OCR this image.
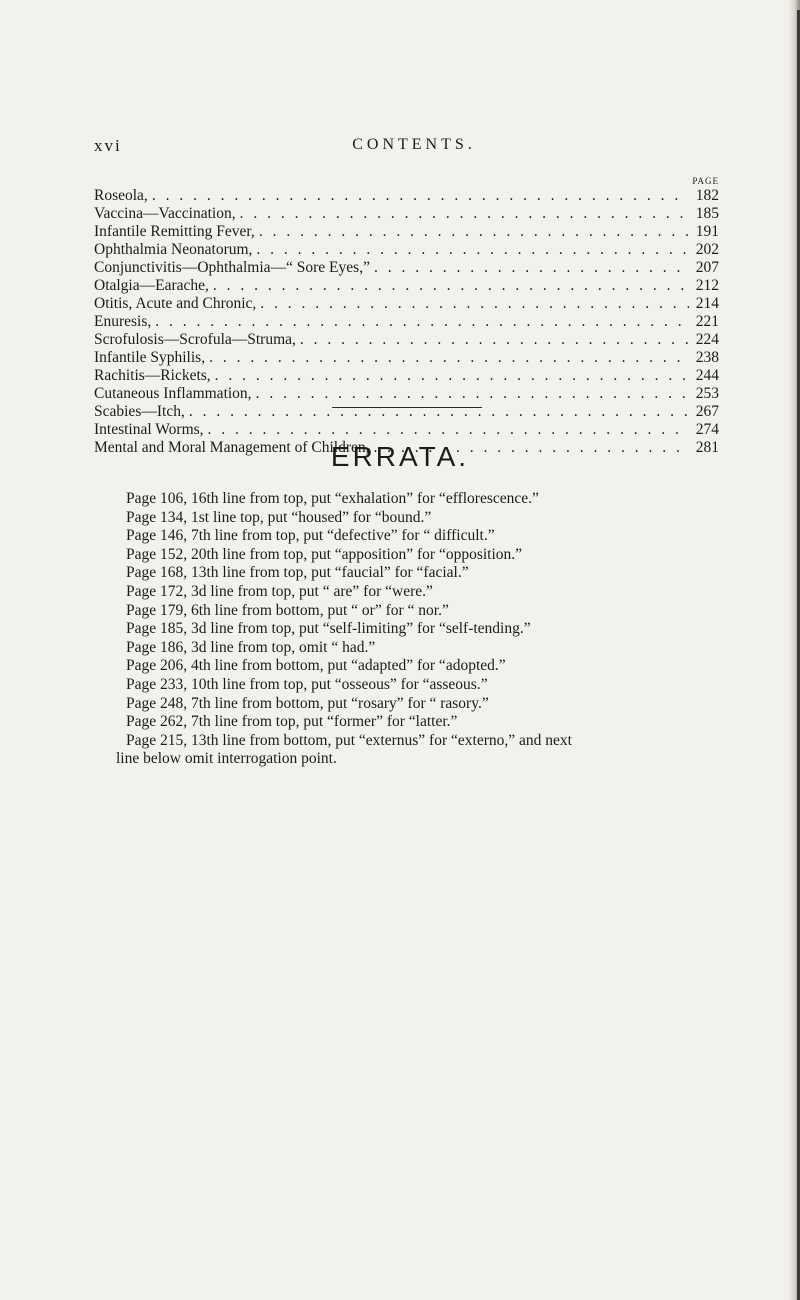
xvi	CONTENTS.
PAGE
Roseola, . . .	182
Vaccina—Vaccination, . . .	185
Infantile Remitting Fever, . . .	191
Ophthalmia Neonatorum, . . .	202
Conjunctivitis—Ophthalmia—“ Sore Eyes,” . . .	207
Otalgia—Earache, . . .	212
Otitis, Acute and Chronic, . . .	214
Enuresis, . . .	221
Scrofulosis—Scrofula—Struma, . . .	224
Infantile Syphilis, . . .	238
Rachitis—Rickets, . . .	244
Cutaneous Inflammation, . . .	253
Scabies—Itch, . . .	267
Intestinal Worms, . . .	274
Mental and Moral Management of Children, . . .	281
ERRATA.
Page 106, 16th line from top, put “exhalation” for “efflorescence.”
Page 134, 1st line top, put “housed” for “bound.”
Page 146, 7th line from top, put “defective” for “ difficult.”
Page 152, 20th line from top, put “apposition” for “opposition.”
Page 168, 13th line from top, put “faucial” for “facial.”
Page 172, 3d line from top, put “ are” for “were.”
Page 179, 6th line from bottom, put “ or” for “ nor.”
Page 185, 3d line from top, put “self-limiting” for “self-tending.”
Page 186, 3d line from top, omit “ had.”
Page 206, 4th line from bottom, put “adapted” for “adopted.”
Page 233, 10th line from top, put “osseous” for “asseous.”
Page 248, 7th line from bottom, put “rosary” for “ rasory.”
Page 262, 7th line from top, put “former” for “latter.”
Page 215, 13th line from bottom, put “externus” for “externo,” and next
line below omit interrogation point.
